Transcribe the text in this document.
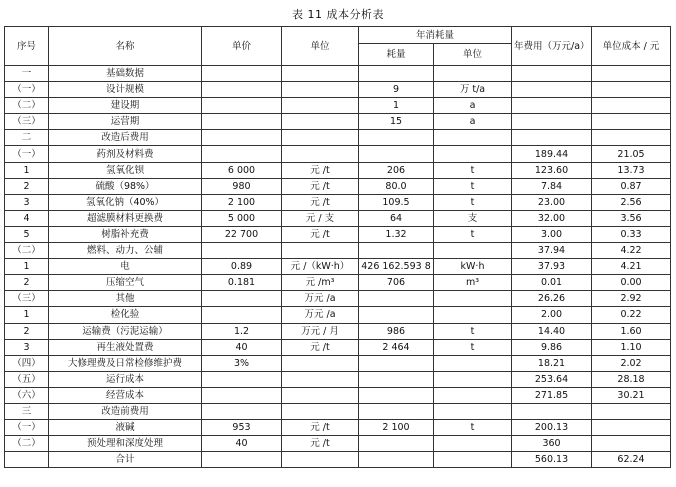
表 11 成本分析表
序号	名称	单价	单位	年消耗量		年费用（万元/a）	单位成本 / 元
				耗量	单位		
一	基础数据						
（一）	设计规模			9	万 t/a		
（二）	建设期			1	a		
（三）	运营期			15	a		
二	改造后费用						
（一）	药剂及材料费					189.44	21.05
1	氢氧化钡	6 000	元 /t	206	t	123.60	13.73
2	硫酸（98%）	980	元 /t	80.0	t	7.84	0.87
3	氢氧化钠（40%）	2 100	元 /t	109.5	t	23.00	2.56
4	超滤膜材料更换费	5 000	元 / 支	64	支	32.00	3.56
5	树脂补充费	22 700	元 /t	1.32	t	3.00	0.33
（二）	燃料、动力、公辅					37.94	4.22
1	电	0.89	元 /（kW·h）	426 162.593 8	kW·h	37.93	4.21
2	压缩空气	0.181	元 /m³	706	m³	0.01	0.00
（三）	其他		万元 /a			26.26	2.92
1	检化验		万元 /a			2.00	0.22
2	运输费（污泥运输）	1.2	万元 / 月	986	t	14.40	1.60
3	再生液处置费	40	元 /t	2 464	t	9.86	1.10
（四）	大修理费及日常检修维护费	3%				18.21	2.02
（五）	运行成本					253.64	28.18
（六）	经营成本					271.85	30.21
三	改造前费用						
（一）	液碱	953	元 /t	2 100	t	200.13	
（二）	预处理和深度处理	40	元 /t			360	
	合计					560.13	62.24
